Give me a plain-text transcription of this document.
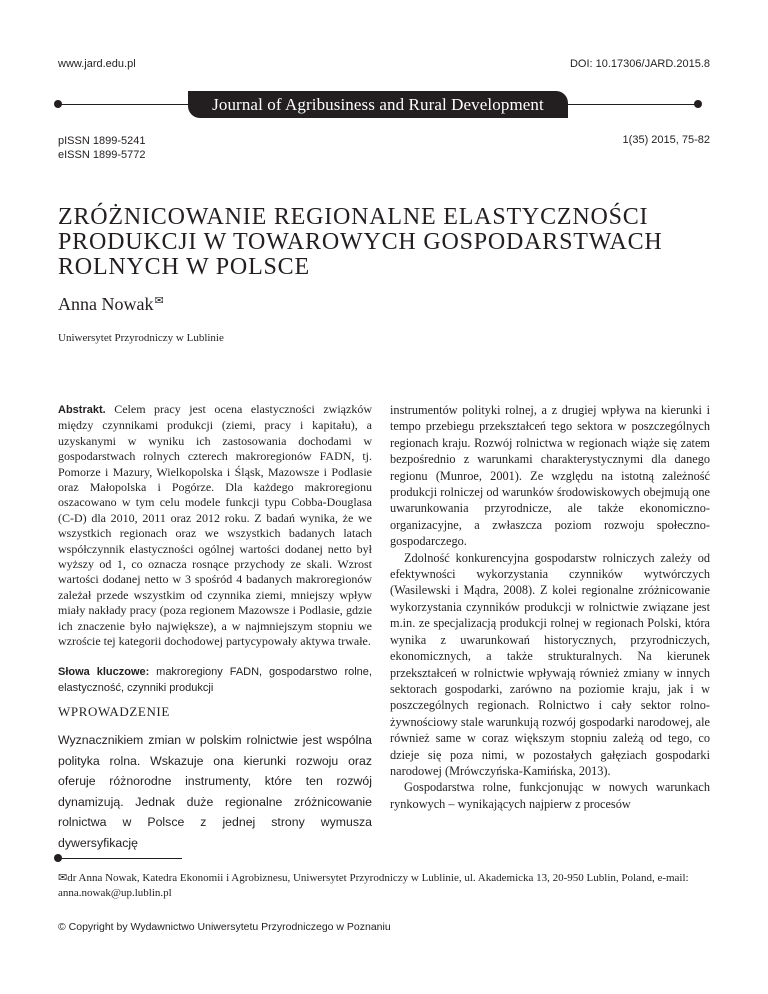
www.jard.edu.pl	DOI: 10.17306/JARD.2015.8
Journal of Agribusiness and Rural Development
pISSN 1899-5241
eISSN 1899-5772
1(35) 2015, 75-82
ZRÓŻNICOWANIE REGIONALNE ELASTYCZNOŚCI PRODUKCJI W TOWAROWYCH GOSPODARSTWACH ROLNYCH W POLSCE
Anna Nowak✉
Uniwersytet Przyrodniczy w Lublinie

Abstrakt. Celem pracy jest ocena elastyczności związków między czynnikami produkcji (ziemi, pracy i kapitału), a uzyskanymi w wyniku ich zastosowania dochodami w gospodarstwach rolnych czterech makroregionów FADN, tj. Pomorze i Mazury, Wielkopolska i Śląsk, Mazowsze i Podlasie oraz Małopolska i Pogórze. Dla każdego makroregionu oszacowano w tym celu modele funkcji typu Cobba-Douglasa (C-D) dla 2010, 2011 oraz 2012 roku. Z badań wynika, że we wszystkich regionach oraz we wszystkich badanych latach współczynnik elastyczności ogólnej wartości dodanej netto był wyższy od 1, co oznacza rosnące przychody ze skali. Wzrost wartości dodanej netto w 3 spośród 4 badanych makroregionów zależał przede wszystkim od czynnika ziemi, mniejszy wpływ miały nakłady pracy (poza regionem Mazowsze i Podlasie, gdzie ich znaczenie było największe), a w najmniejszym stopniu we wzroście tej kategorii dochodowej partycypowały aktywa trwałe.

Słowa kluczowe: makroregiony FADN, gospodarstwo rolne, elastyczność, czynniki produkcji

WPROWADZENIE

Wyznacznikiem zmian w polskim rolnictwie jest wspólna polityka rolna. Wskazuje ona kierunki rozwoju oraz oferuje różnorodne instrumenty, które ten rozwój dynamizują. Jednak duże regionalne zróżnicowanie rolnictwa w Polsce z jednej strony wymusza dywersyfikację

instrumentów polityki rolnej, a z drugiej wpływa na kierunki i tempo przebiegu przekształceń tego sektora w poszczególnych regionach kraju. Rozwój rolnictwa w regionach wiąże się zatem bezpośrednio z warunkami charakterystycznymi dla danego regionu (Munroe, 2001). Ze względu na istotną zależność produkcji rolniczej od warunków środowiskowych obejmują one uwarunkowania przyrodnicze, ale także ekonomiczno-organizacyjne, a zwłaszcza poziom rozwoju społeczno-gospodarczego.

Zdolność konkurencyjna gospodarstw rolniczych zależy od efektywności wykorzystania czynników wytwórczych (Wasilewski i Mądra, 2008). Z kolei regionalne zróżnicowanie wykorzystania czynników produkcji w rolnictwie związane jest m.in. ze specjalizacją produkcji rolnej w regionach Polski, która wynika z uwarunkowań historycznych, przyrodniczych, ekonomicznych, a także strukturalnych. Na kierunek przekształceń w rolnictwie wpływają również zmiany w innych sektorach gospodarki, zarówno na poziomie kraju, jak i w poszczególnych regionach. Rolnictwo i cały sektor rolno-żywnościowy stale warunkują rozwój gospodarki narodowej, ale również same w coraz większym stopniu zależą od tego, co dzieje się poza nimi, w pozostałych gałęziach gospodarki narodowej (Mrówczyńska-Kamińska, 2013).

Gospodarstwa rolne, funkcjonując w nowych warunkach rynkowych – wynikających najpierw z procesów

✉dr Anna Nowak, Katedra Ekonomii i Agrobiznesu, Uniwersytet Przyrodniczy w Lublinie, ul. Akademicka 13, 20-950 Lublin, Poland, e-mail: anna.nowak@up.lublin.pl
© Copyright by Wydawnictwo Uniwersytetu Przyrodniczego w Poznaniu
